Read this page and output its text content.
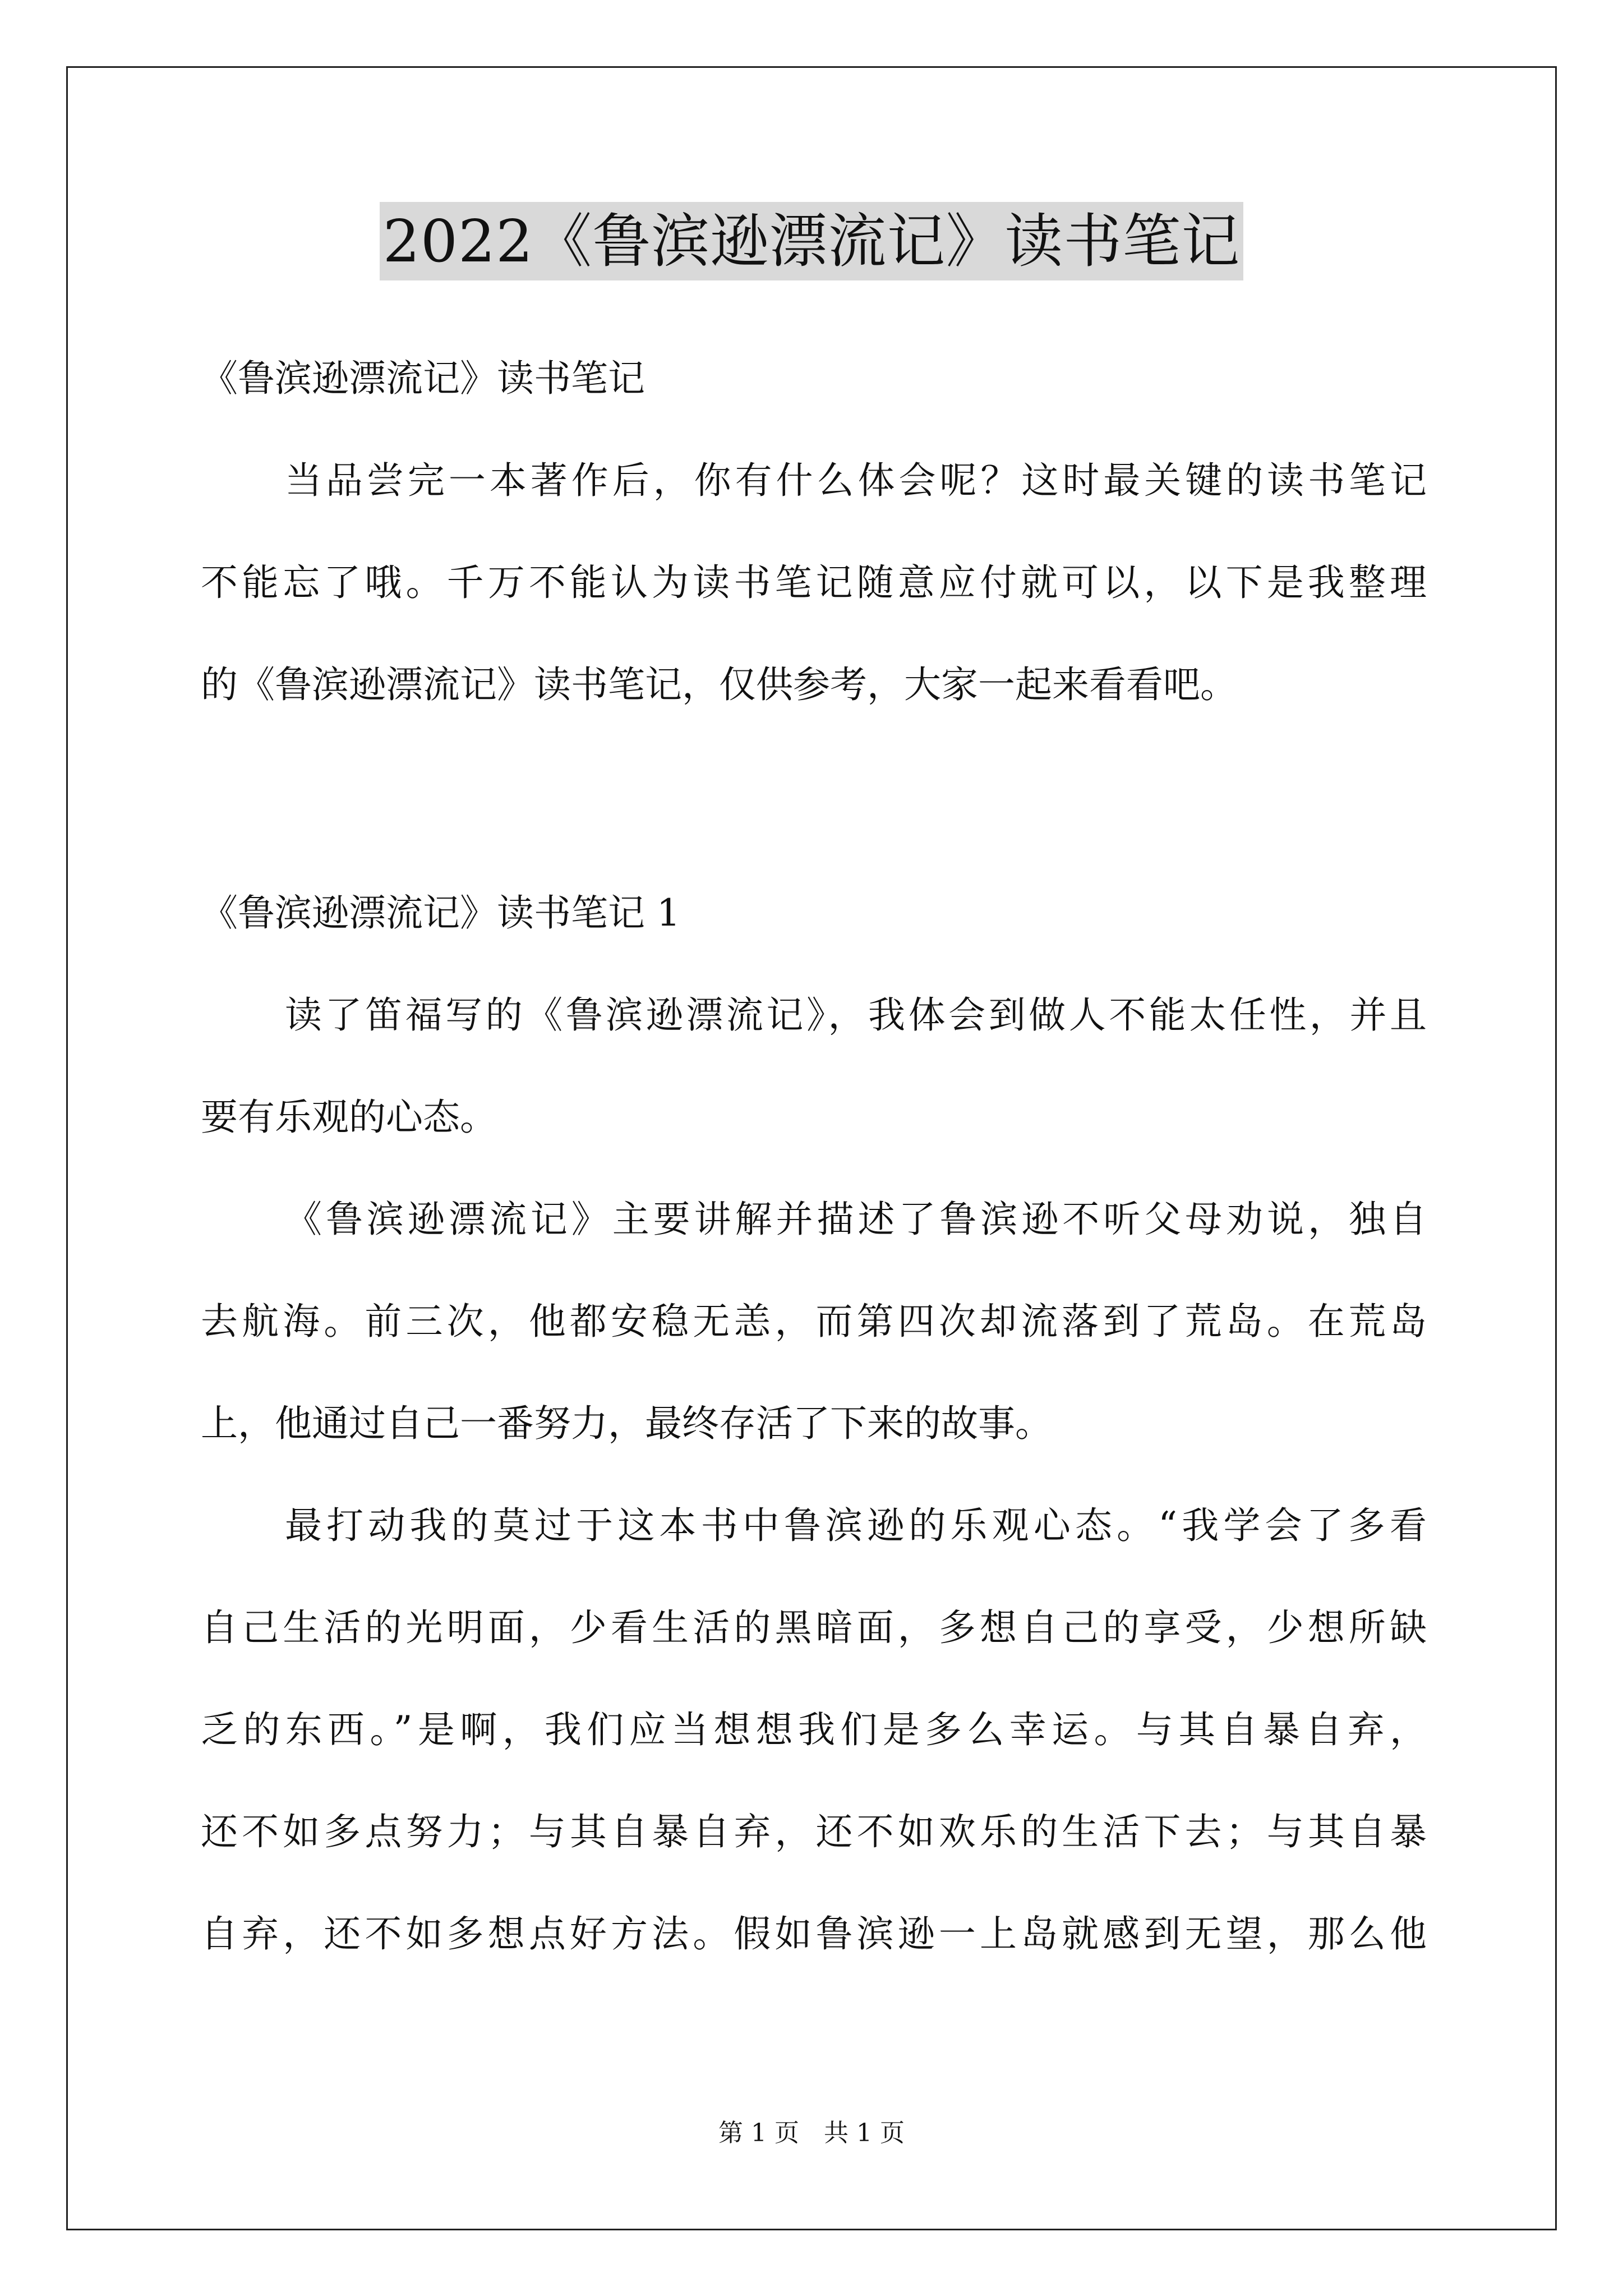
2022《鲁滨逊漂流记》读书笔记
《鲁滨逊漂流记》读书笔记
当品尝完一本著作后，你有什么体会呢？这时最关键的读书笔记
不能忘了哦。千万不能认为读书笔记随意应付就可以，以下是我整理
的《鲁滨逊漂流记》读书笔记，仅供参考，大家一起来看看吧。
《鲁滨逊漂流记》读书笔记 1
读了笛福写的《鲁滨逊漂流记》，我体会到做人不能太任性，并且
要有乐观的心态。
《鲁滨逊漂流记》主要讲解并描述了鲁滨逊不听父母劝说，独自
去航海。前三次，他都安稳无恙，而第四次却流落到了荒岛。在荒岛
上，他通过自己一番努力，最终存活了下来的故事。
最打动我的莫过于这本书中鲁滨逊的乐观心态。“我学会了多看
自己生活的光明面，少看生活的黑暗面，多想自己的享受，少想所缺
乏的东西。”是啊，我们应当想想我们是多么幸运。与其自暴自弃，
还不如多点努力；与其自暴自弃，还不如欢乐的生活下去；与其自暴
自弃，还不如多想点好方法。假如鲁滨逊一上岛就感到无望，那么他
第 1 页　共 1 页
